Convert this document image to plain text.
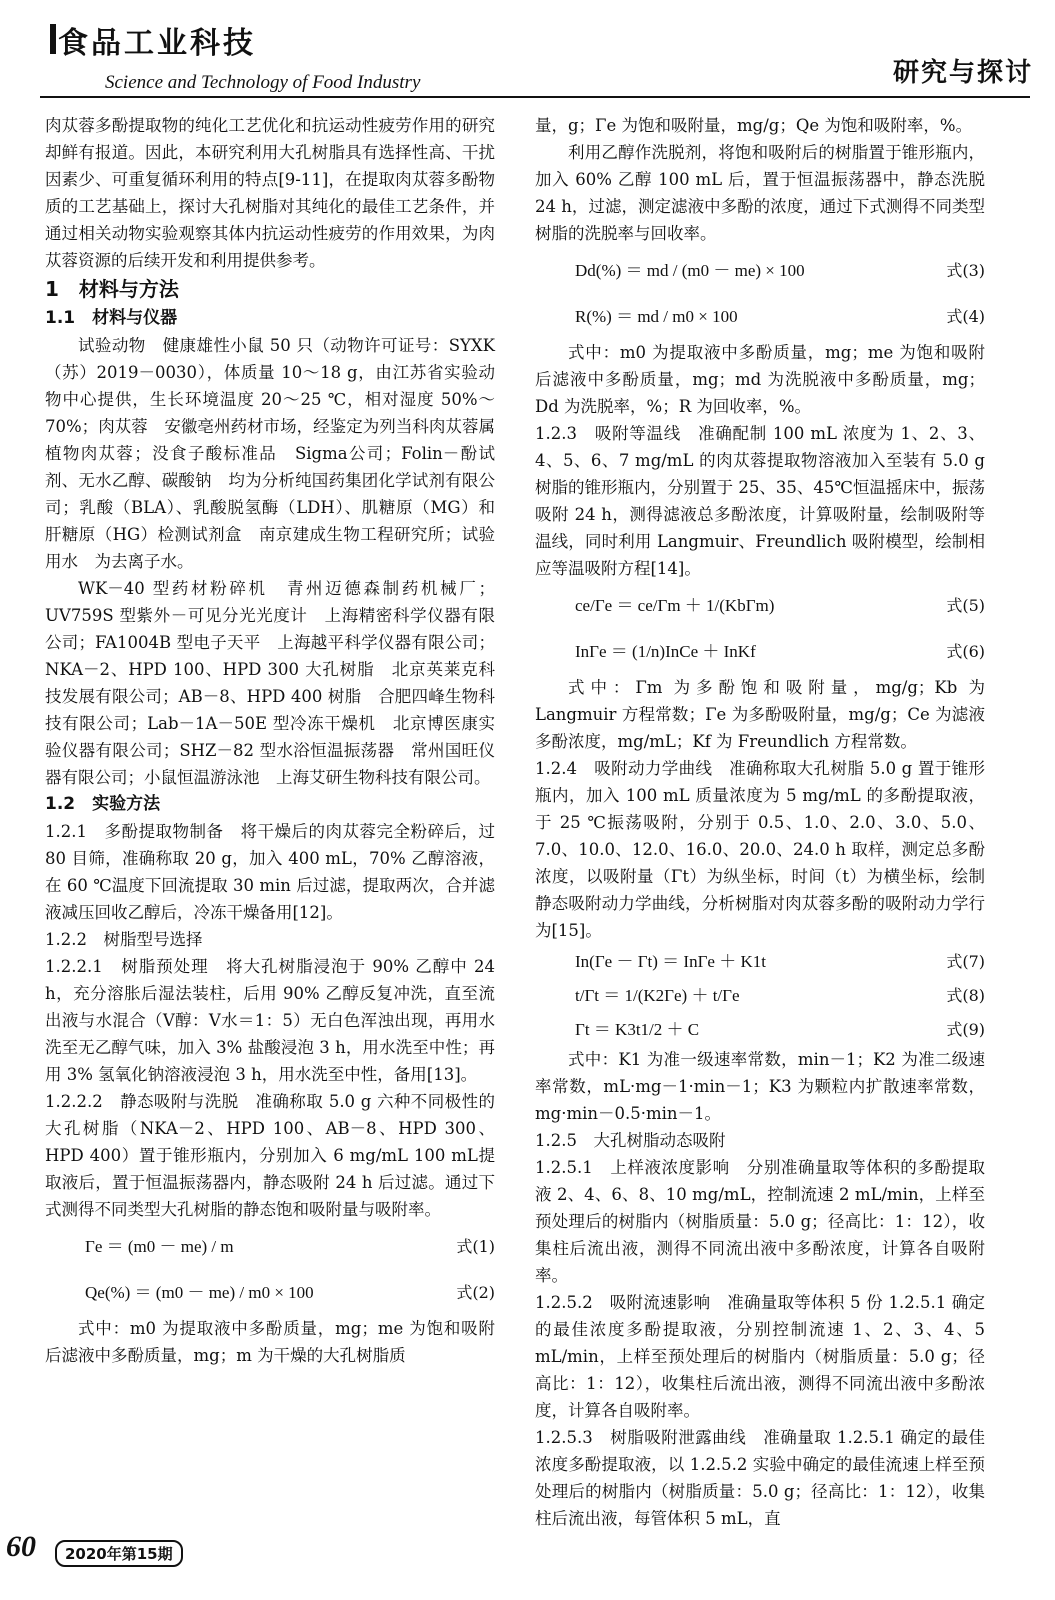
食品工业科技
Science and Technology of Food Industry	研究与探讨

肉苁蓉多酚提取物的纯化工艺优化和抗运动性疲劳作用的研究却鲜有报道。因此，本研究利用大孔树脂具有选择性高、干扰因素少、可重复循环利用的特点[9-11]，在提取肉苁蓉多酚物质的工艺基础上，探讨大孔树脂对其纯化的最佳工艺条件，并通过相关动物实验观察其体内抗运动性疲劳的作用效果，为肉苁蓉资源的后续开发和利用提供参考。

1　材料与方法

1.1　材料与仪器

试验动物　健康雄性小鼠 50 只（动物许可证号：SYXK（苏）2019－0030），体质量 10～18 g，由江苏省实验动物中心提供，生长环境温度 20～25 ℃，相对湿度 50%～70%；肉苁蓉　安徽亳州药材市场，经鉴定为列当科肉苁蓉属植物肉苁蓉；没食子酸标准品　Sigma公司；Folin－酚试剂、无水乙醇、碳酸钠　均为分析纯国药集团化学试剂有限公司；乳酸（BLA）、乳酸脱氢酶（LDH）、肌糖原（MG）和肝糖原（HG）检测试剂盒　南京建成生物工程研究所；试验用水　为去离子水。

WK－40 型药材粉碎机　青州迈德森制药机械厂；UV759S 型紫外－可见分光光度计　上海精密科学仪器有限公司；FA1004B 型电子天平　上海越平科学仪器有限公司；NKA－2、HPD 100、HPD 300 大孔树脂　北京英莱克科技发展有限公司；AB－8、HPD 400 树脂　合肥四峰生物科技有限公司；Lab－1A－50E 型冷冻干燥机　北京博医康实验仪器有限公司；SHZ－82 型水浴恒温振荡器　常州国旺仪器有限公司；小鼠恒温游泳池　上海艾研生物科技有限公司。

1.2　实验方法

1.2.1　多酚提取物制备　将干燥后的肉苁蓉完全粉碎后，过 80 目筛，准确称取 20 g，加入 400 mL，70% 乙醇溶液，在 60 ℃温度下回流提取 30 min 后过滤，提取两次，合并滤液减压回收乙醇后，冷冻干燥备用[12]。

1.2.2　树脂型号选择

1.2.2.1　树脂预处理　将大孔树脂浸泡于 90% 乙醇中 24 h，充分溶胀后湿法装柱，后用 90% 乙醇反复冲洗，直至流出液与水混合（V醇：V水＝1：5）无白色浑浊出现，再用水洗至无乙醇气味，加入 3% 盐酸浸泡 3 h，用水洗至中性；再用 3% 氢氧化钠溶液浸泡 3 h，用水洗至中性，备用[13]。

1.2.2.2　静态吸附与洗脱　准确称取 5.0 g 六种不同极性的大孔树脂（NKA－2、HPD 100、AB－8、HPD 300、HPD 400）置于锥形瓶内，分别加入 6 mg/mL 100 mL提取液后，置于恒温振荡器内，静态吸附 24 h 后过滤。通过下式测得不同类型大孔树脂的静态饱和吸附量与吸附率。

Γe ＝ (m0 － me) / m	式(1)
Qe(%) ＝ (m0 － me) / m0 × 100	式(2)

式中：m0 为提取液中多酚质量，mg；me 为饱和吸附后滤液中多酚质量，mg；m 为干燥的大孔树脂质

量，g；Γe 为饱和吸附量，mg/g；Qe 为饱和吸附率，%。

利用乙醇作洗脱剂，将饱和吸附后的树脂置于锥形瓶内，加入 60% 乙醇 100 mL 后，置于恒温振荡器中，静态洗脱 24 h，过滤，测定滤液中多酚的浓度，通过下式测得不同类型树脂的洗脱率与回收率。

Dd(%) ＝ md / (m0 － me) × 100	式(3)
R(%) ＝ md / m0 × 100	式(4)

式中：m0 为提取液中多酚质量，mg；me 为饱和吸附后滤液中多酚质量，mg；md 为洗脱液中多酚质量，mg；Dd 为洗脱率，%；R 为回收率，%。

1.2.3　吸附等温线　准确配制 100 mL 浓度为 1、2、3、4、5、6、7 mg/mL 的肉苁蓉提取物溶液加入至装有 5.0 g 树脂的锥形瓶内，分别置于 25、35、45℃恒温摇床中，振荡吸附 24 h，测得滤液总多酚浓度，计算吸附量，绘制吸附等温线，同时利用 Langmuir、Freundlich 吸附模型，绘制相应等温吸附方程[14]。

ce/Γe ＝ ce/Γm ＋ 1/(KbΓm)	式(5)
InΓe ＝ (1/n)InCe ＋ InKf	式(6)

式中：Γm 为多酚饱和吸附量，mg/g；Kb 为 Langmuir 方程常数；Γe 为多酚吸附量，mg/g；Ce 为滤液多酚浓度，mg/mL；Kf 为 Freundlich 方程常数。

1.2.4　吸附动力学曲线　准确称取大孔树脂 5.0 g 置于锥形瓶内，加入 100 mL 质量浓度为 5 mg/mL 的多酚提取液，于 25 ℃振荡吸附，分别于 0.5、1.0、2.0、3.0、5.0、7.0、10.0、12.0、16.0、20.0、24.0 h 取样，测定总多酚浓度，以吸附量（Γt）为纵坐标，时间（t）为横坐标，绘制静态吸附动力学曲线，分析树脂对肉苁蓉多酚的吸附动力学行为[15]。

In(Γe － Γt) ＝ InΓe ＋ K1t	式(7)
t/Γt ＝ 1/(K2Γe) ＋ t/Γe	式(8)
Γt ＝ K3t1/2 ＋ C	式(9)

式中：K1 为准一级速率常数，min－1；K2 为准二级速率常数，mL·mg－1·min－1；K3 为颗粒内扩散速率常数，mg·min－0.5·min－1。

1.2.5　大孔树脂动态吸附

1.2.5.1　上样液浓度影响　分别准确量取等体积的多酚提取液 2、4、6、8、10 mg/mL，控制流速 2 mL/min，上样至预处理后的树脂内（树脂质量：5.0 g；径高比：1：12），收集柱后流出液，测得不同流出液中多酚浓度，计算各自吸附率。

1.2.5.2　吸附流速影响　准确量取等体积 5 份 1.2.5.1 确定的最佳浓度多酚提取液，分别控制流速 1、2、3、4、5 mL/min，上样至预处理后的树脂内（树脂质量：5.0 g；径高比：1：12），收集柱后流出液，测得不同流出液中多酚浓度，计算各自吸附率。

1.2.5.3　树脂吸附泄露曲线　准确量取 1.2.5.1 确定的最佳浓度多酚提取液，以 1.2.5.2 实验中确定的最佳流速上样至预处理后的树脂内（树脂质量：5.0 g；径高比：1：12），收集柱后流出液，每管体积 5 mL，直

60	2020年第15期
